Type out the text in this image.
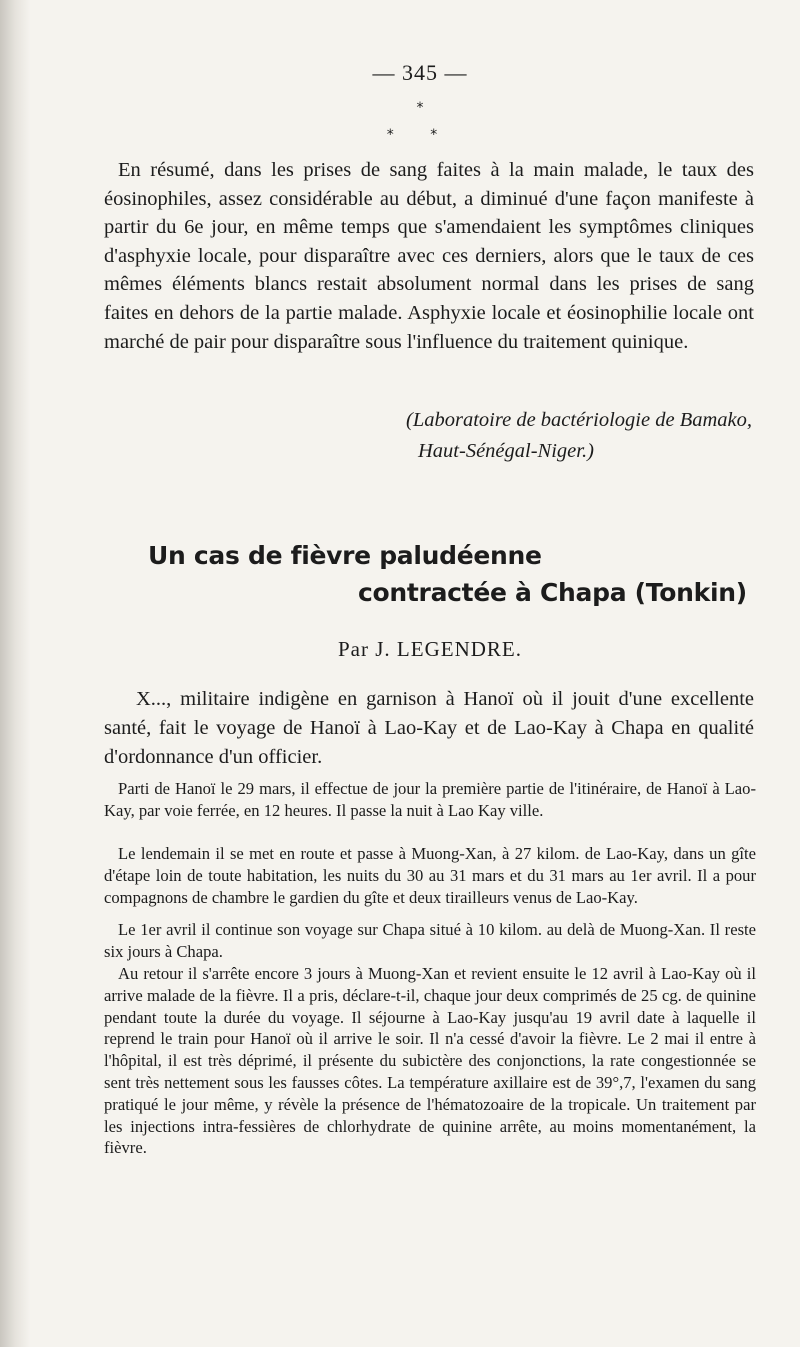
— 345 —
*
* *

En résumé, dans les prises de sang faites à la main malade, le taux des éosinophiles, assez considérable au début, a diminué d'une façon manifeste à partir du 6e jour, en même temps que s'amendaient les symptômes cliniques d'asphyxie locale, pour disparaître avec ces derniers, alors que le taux de ces mêmes éléments blancs restait absolument normal dans les prises de sang faites en dehors de la partie malade. Asphyxie locale et éosinophilie locale ont marché de pair pour disparaître sous l'influence du traitement quinique.

(Laboratoire de bactériologie de Bamako,

Haut-Sénégal-Niger.)

Un cas de fièvre paludéenne
contractée à Chapa (Tonkin)

Par J. LEGENDRE.

X..., militaire indigène en garnison à Hanoï où il jouit d'une excellente santé, fait le voyage de Hanoï à Lao-Kay et de Lao-Kay à Chapa en qualité d'ordonnance d'un officier.

Parti de Hanoï le 29 mars, il effectue de jour la première partie de l'itinéraire, de Hanoï à Lao-Kay, par voie ferrée, en 12 heures. Il passe la nuit à Lao Kay ville.

Le lendemain il se met en route et passe à Muong-Xan, à 27 kilom. de Lao-Kay, dans un gîte d'étape loin de toute habitation, les nuits du 30 au 31 mars et du 31 mars au 1er avril. Il a pour compagnons de chambre le gardien du gîte et deux tirailleurs venus de Lao-Kay.

Le 1er avril il continue son voyage sur Chapa situé à 10 kilom. au delà de Muong-Xan. Il reste six jours à Chapa.

Au retour il s'arrête encore 3 jours à Muong-Xan et revient ensuite le 12 avril à Lao-Kay où il arrive malade de la fièvre. Il a pris, déclare-t-il, chaque jour deux comprimés de 25 cg. de quinine pendant toute la durée du voyage. Il séjourne à Lao-Kay jusqu'au 19 avril date à laquelle il reprend le train pour Hanoï où il arrive le soir. Il n'a cessé d'avoir la fièvre. Le 2 mai il entre à l'hôpital, il est très déprimé, il présente du subictère des conjonctions, la rate congestionnée se sent très nettement sous les fausses côtes. La température axillaire est de 39°,7, l'examen du sang pratiqué le jour même, y révèle la présence de l'hématozoaire de la tropicale. Un traitement par les injections intra-fessières de chlorhydrate de quinine arrête, au moins momentanément, la fièvre.
